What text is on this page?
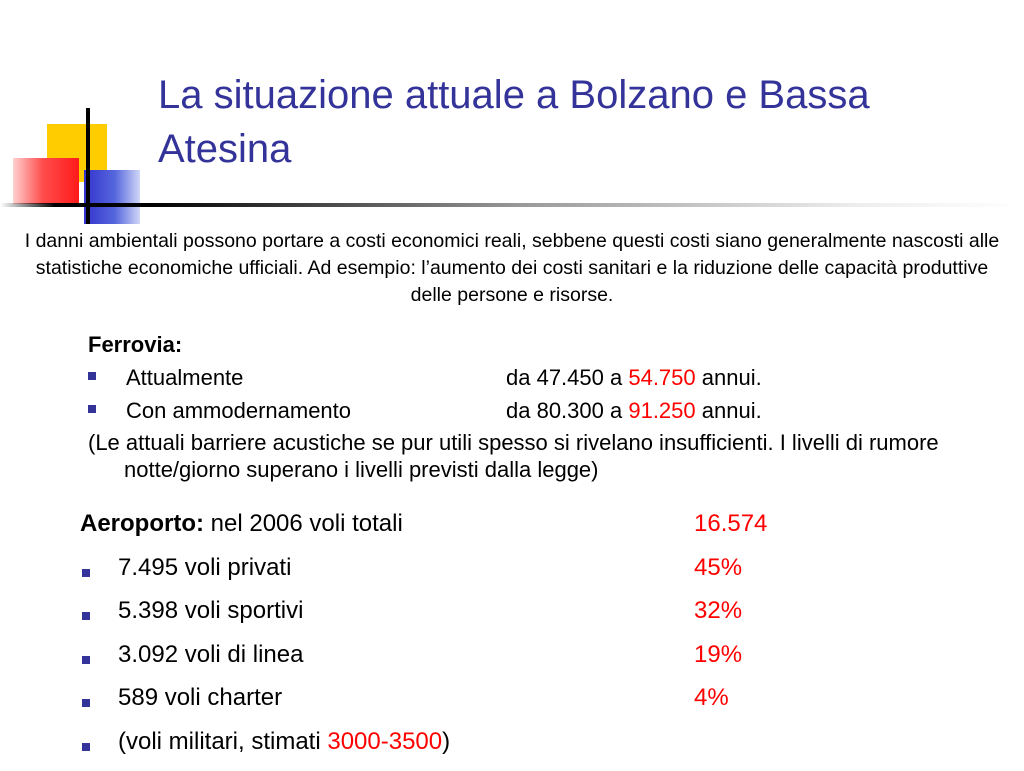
La situazione attuale a Bolzano e Bassa Atesina
I danni ambientali possono portare a costi economici reali, sebbene questi costi siano generalmente nascosti alle statistiche economiche ufficiali. Ad esempio: l’aumento dei costi sanitari e la riduzione delle capacità produttive delle persone e risorse.
Ferrovia:
Attualmente	da 47.450 a 54.750 annui.
Con ammodernamento	da 80.300 a 91.250 annui.
(Le attuali barriere acustiche se pur utili spesso si rivelano insufficienti. I livelli di rumore notte/giorno superano i livelli previsti dalla legge)
Aeroporto: nel 2006 voli totali	16.574
7.495 voli privati	45%
5.398 voli sportivi	32%
3.092 voli di linea	19%
589 voli charter	4%
(voli militari, stimati 3000-3500)
